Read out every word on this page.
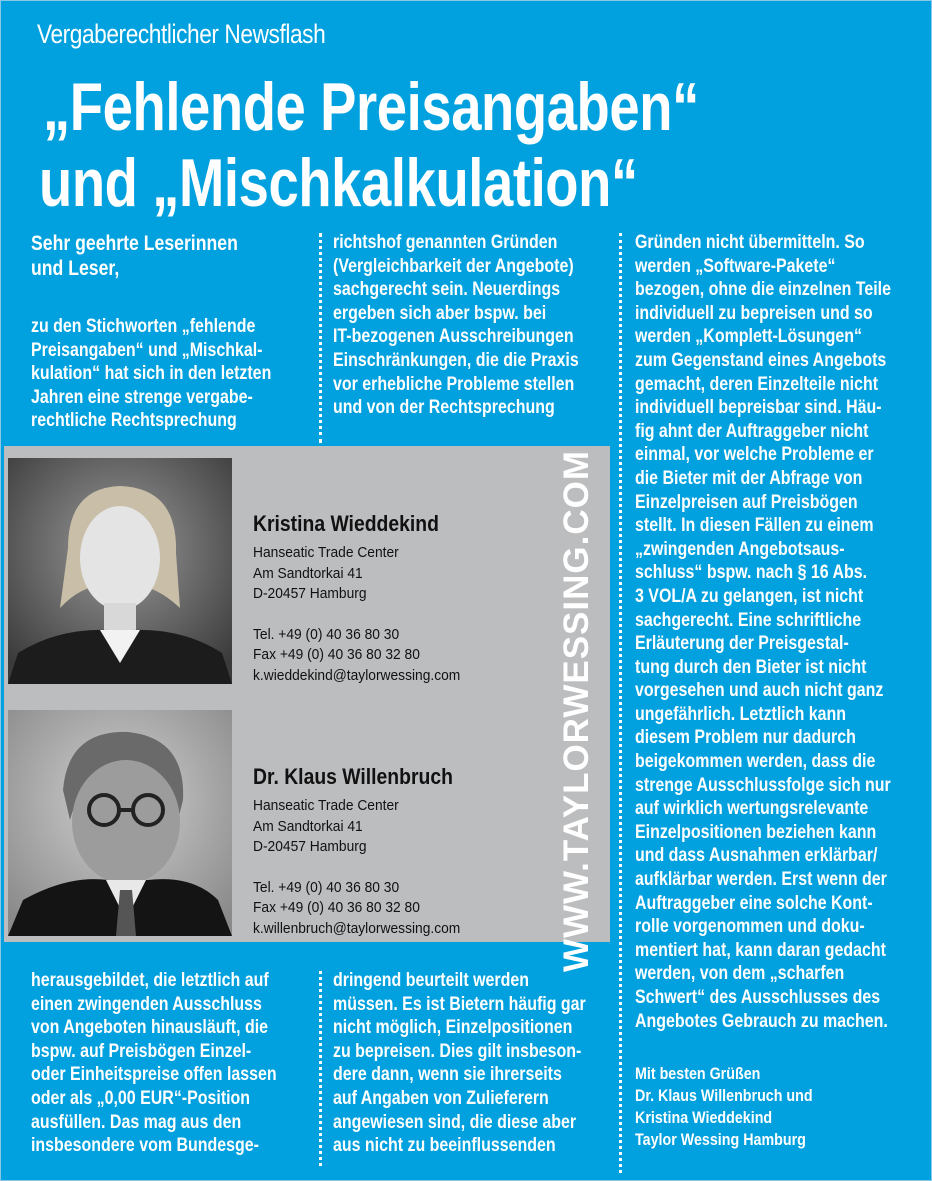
Vergaberechtlicher Newsflash
„Fehlende Preisangaben“
und „Mischkalkulation“
Sehr geehrte Leserinnen
und Leser,
zu den Stichworten „fehlende
Preisangaben“ und „Mischkal-
kulation“ hat sich in den letzten
Jahren eine strenge vergabe-
rechtliche Rechtsprechung
richtshof genannten Gründen
(Vergleichbarkeit der Angebote)
sachgerecht sein. Neuerdings
ergeben sich aber bspw. bei
IT-bezogenen Ausschreibungen
Einschränkungen, die die Praxis
vor erhebliche Probleme stellen
und von der Rechtsprechung
Gründen nicht übermitteln. So
werden „Software-Pakete“
bezogen, ohne die einzelnen Teile
individuell zu bepreisen und so
werden „Komplett-Lösungen“
zum Gegenstand eines Angebots
gemacht, deren Einzelteile nicht
individuell bepreisbar sind. Häu-
fig ahnt der Auftraggeber nicht
einmal, vor welche Probleme er
die Bieter mit der Abfrage von
Einzelpreisen auf Preisbögen
stellt. In diesen Fällen zu einem
„zwingenden Angebotsaus-
schluss“ bspw. nach § 16 Abs.
3 VOL/A zu gelangen, ist nicht
sachgerecht. Eine schriftliche
Erläuterung der Preisgestal-
tung durch den Bieter ist nicht
vorgesehen und auch nicht ganz
ungefährlich. Letztlich kann
diesem Problem nur dadurch
beigekommen werden, dass die
strenge Ausschlussfolge sich nur
auf wirklich wertungsrelevante
Einzelpositionen beziehen kann
und dass Ausnahmen erklärbar/
aufklärbar werden. Erst wenn der
Auftraggeber eine solche Kont-
rolle vorgenommen und doku-
mentiert hat, kann daran gedacht
werden, von dem „scharfen
Schwert“ des Ausschlusses des
Angebotes Gebrauch zu machen.
Mit besten Grüßen
Dr. Klaus Willenbruch und
Kristina Wieddekind
Taylor Wessing Hamburg
Kristina Wieddekind
Hanseatic Trade Center
Am Sandtorkai 41
D-20457 Hamburg
Tel. +49 (0) 40 36 80 30
Fax +49 (0) 40 36 80 32 80
k.wieddekind@taylorwessing.com
Dr. Klaus Willenbruch
Hanseatic Trade Center
Am Sandtorkai 41
D-20457 Hamburg
Tel. +49 (0) 40 36 80 30
Fax +49 (0) 40 36 80 32 80
k.willenbruch@taylorwessing.com	WWW.TAYLORWESSING.COM
herausgebildet, die letztlich auf
einen zwingenden Ausschluss
von Angeboten hinausläuft, die
bspw. auf Preisbögen Einzel-
oder Einheitspreise offen lassen
oder als „0,00 EUR“-Position
ausfüllen. Das mag aus den
insbesondere vom Bundesge-
dringend beurteilt werden
müssen. Es ist Bietern häufig gar
nicht möglich, Einzelpositionen
zu bepreisen. Dies gilt insbeson-
dere dann, wenn sie ihrerseits
auf Angaben von Zulieferern
angewiesen sind, die diese aber
aus nicht zu beeinflussenden
